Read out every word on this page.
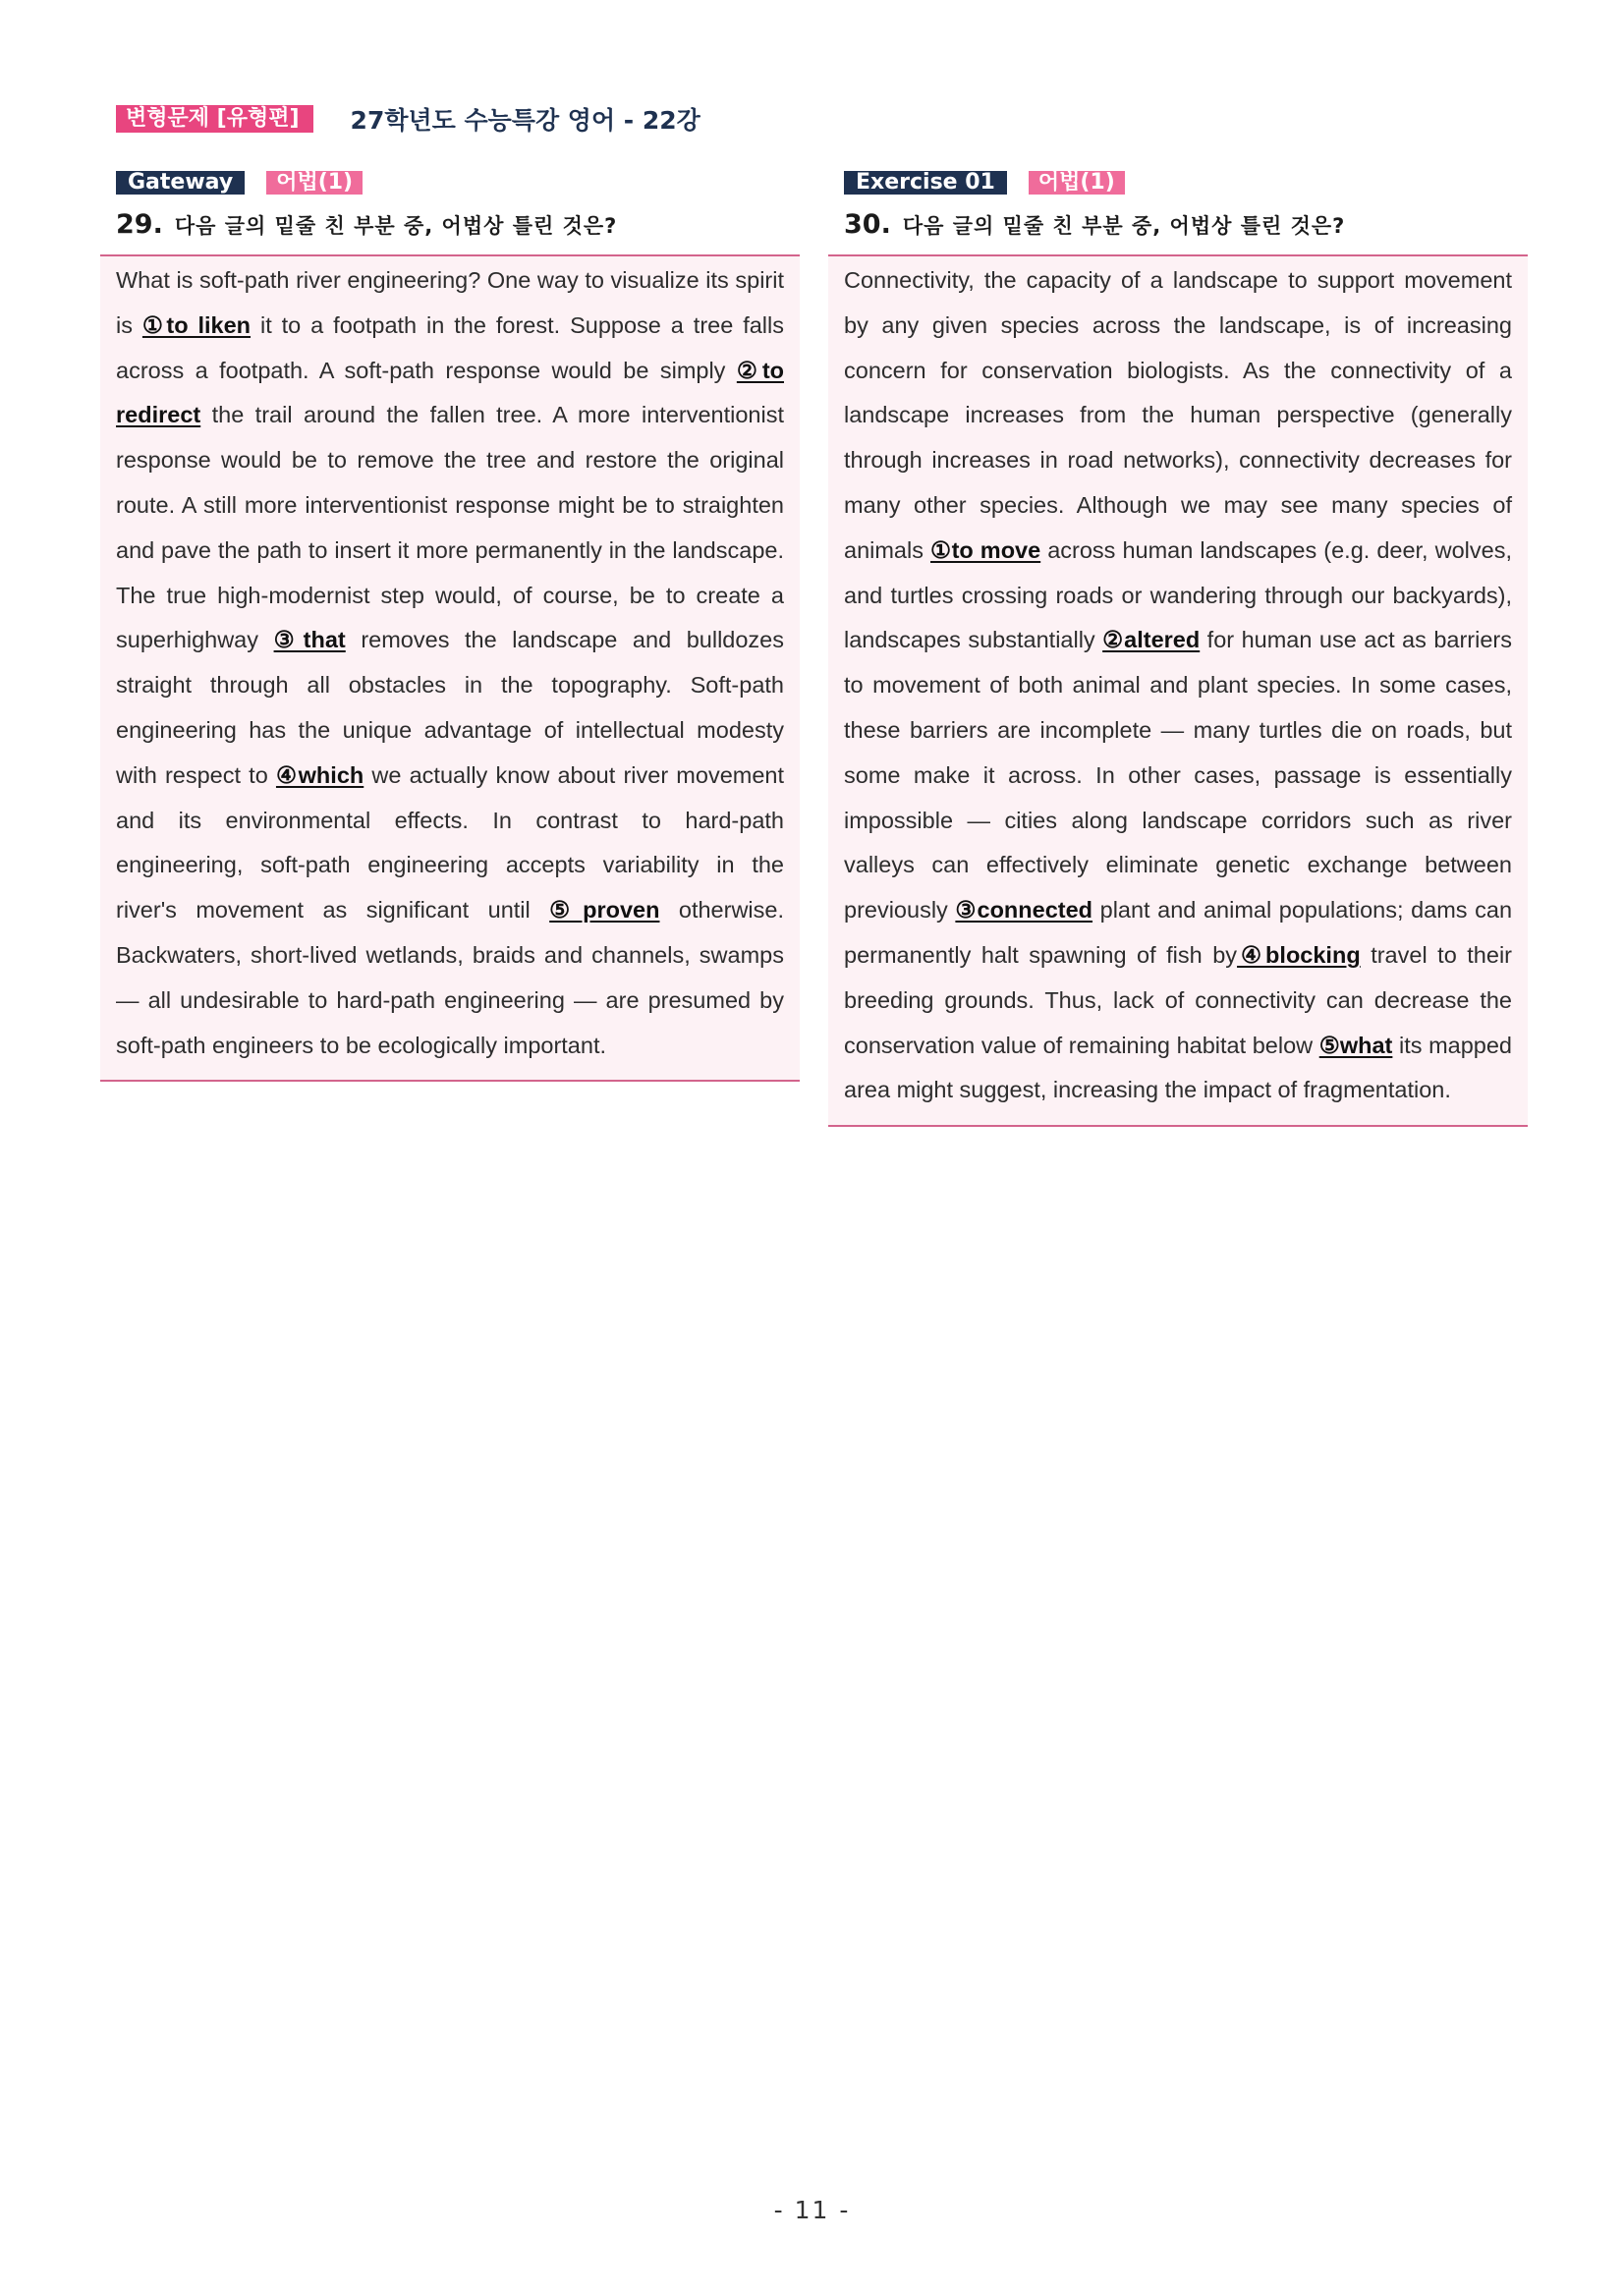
변형문제 [유형편]	27학년도 수능특강 영어 - 22강
Gateway	어법(1)
29. 다음 글의 밑줄 친 부분 중, 어법상 틀린 것은?

What is soft-path river engineering? One way to visualize its spirit is ①to liken it to a footpath in the forest. Suppose a tree falls across a footpath. A soft-path response would be simply ②to redirect the trail around the fallen tree. A more interventionist response would be to remove the tree and restore the original route. A still more interventionist response might be to straighten and pave the path to insert it more permanently in the landscape. The true high-modernist step would, of course, be to create a superhighway ③that removes the landscape and bulldozes straight through all obstacles in the topography. Soft-path engineering has the unique advantage of intellectual modesty with respect to ④which we actually know about river movement and its environmental effects. In contrast to hard-path engineering, soft-path engineering accepts variability in the river's movement as significant until ⑤proven otherwise. Backwaters, short-lived wetlands, braids and channels, swamps — all undesirable to hard-path engineering — are presumed by soft-path engineers to be ecologically important.

Exercise 01	어법(1)
30. 다음 글의 밑줄 친 부분 중, 어법상 틀린 것은?

Connectivity, the capacity of a landscape to support movement by any given species across the landscape, is of increasing concern for conservation biologists. As the connectivity of a landscape increases from the human perspective (generally through increases in road networks), connectivity decreases for many other species. Although we may see many species of animals ①to move across human landscapes (e.g. deer, wolves, and turtles crossing roads or wandering through our backyards), landscapes substantially ②altered for human use act as barriers to movement of both animal and plant species. In some cases, these barriers are incomplete — many turtles die on roads, but some make it across. In other cases, passage is essentially impossible — cities along landscape corridors such as river valleys can effectively eliminate genetic exchange between previously ③connected plant and animal populations; dams can permanently halt spawning of fish by④blocking travel to their breeding grounds. Thus, lack of connectivity can decrease the conservation value of remaining habitat below ⑤what its mapped area might suggest, increasing the impact of fragmentation.

- 11 -
